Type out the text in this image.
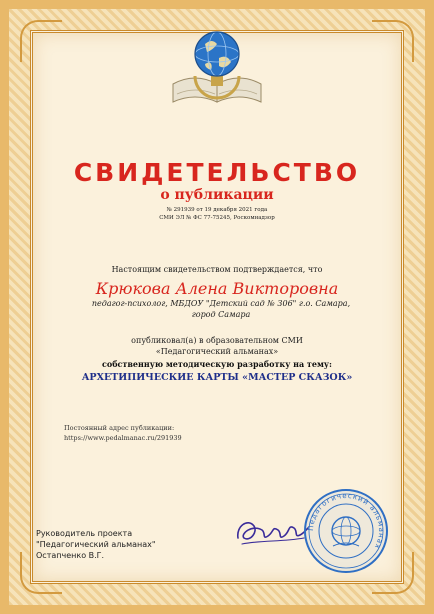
СВИДЕТЕЛЬСТВО
о публикации
№ 291939 от 19 декабря 2021 года
СМИ ЭЛ № ФС 77-75245, Роскомнадзор
Настоящим свидетельством подтверждается, что
Крюкова Алена Викторовна
педагог-психолог, МБДОУ "Детский сад № 306" г.о. Самара, город Самара
опубликовал(а) в образовательном СМИ
«Педагогический альманах»
собственную методическую разработку на тему:
АРХЕТИПИЧЕСКИЕ КАРТЫ «МАСТЕР СКАЗОК»
Постоянный адрес публикации:
https://www.pedalmanac.ru/291939
Руководитель проекта
"Педагогический альманах"
Остапченко В.Г.
Педагогический альманах
